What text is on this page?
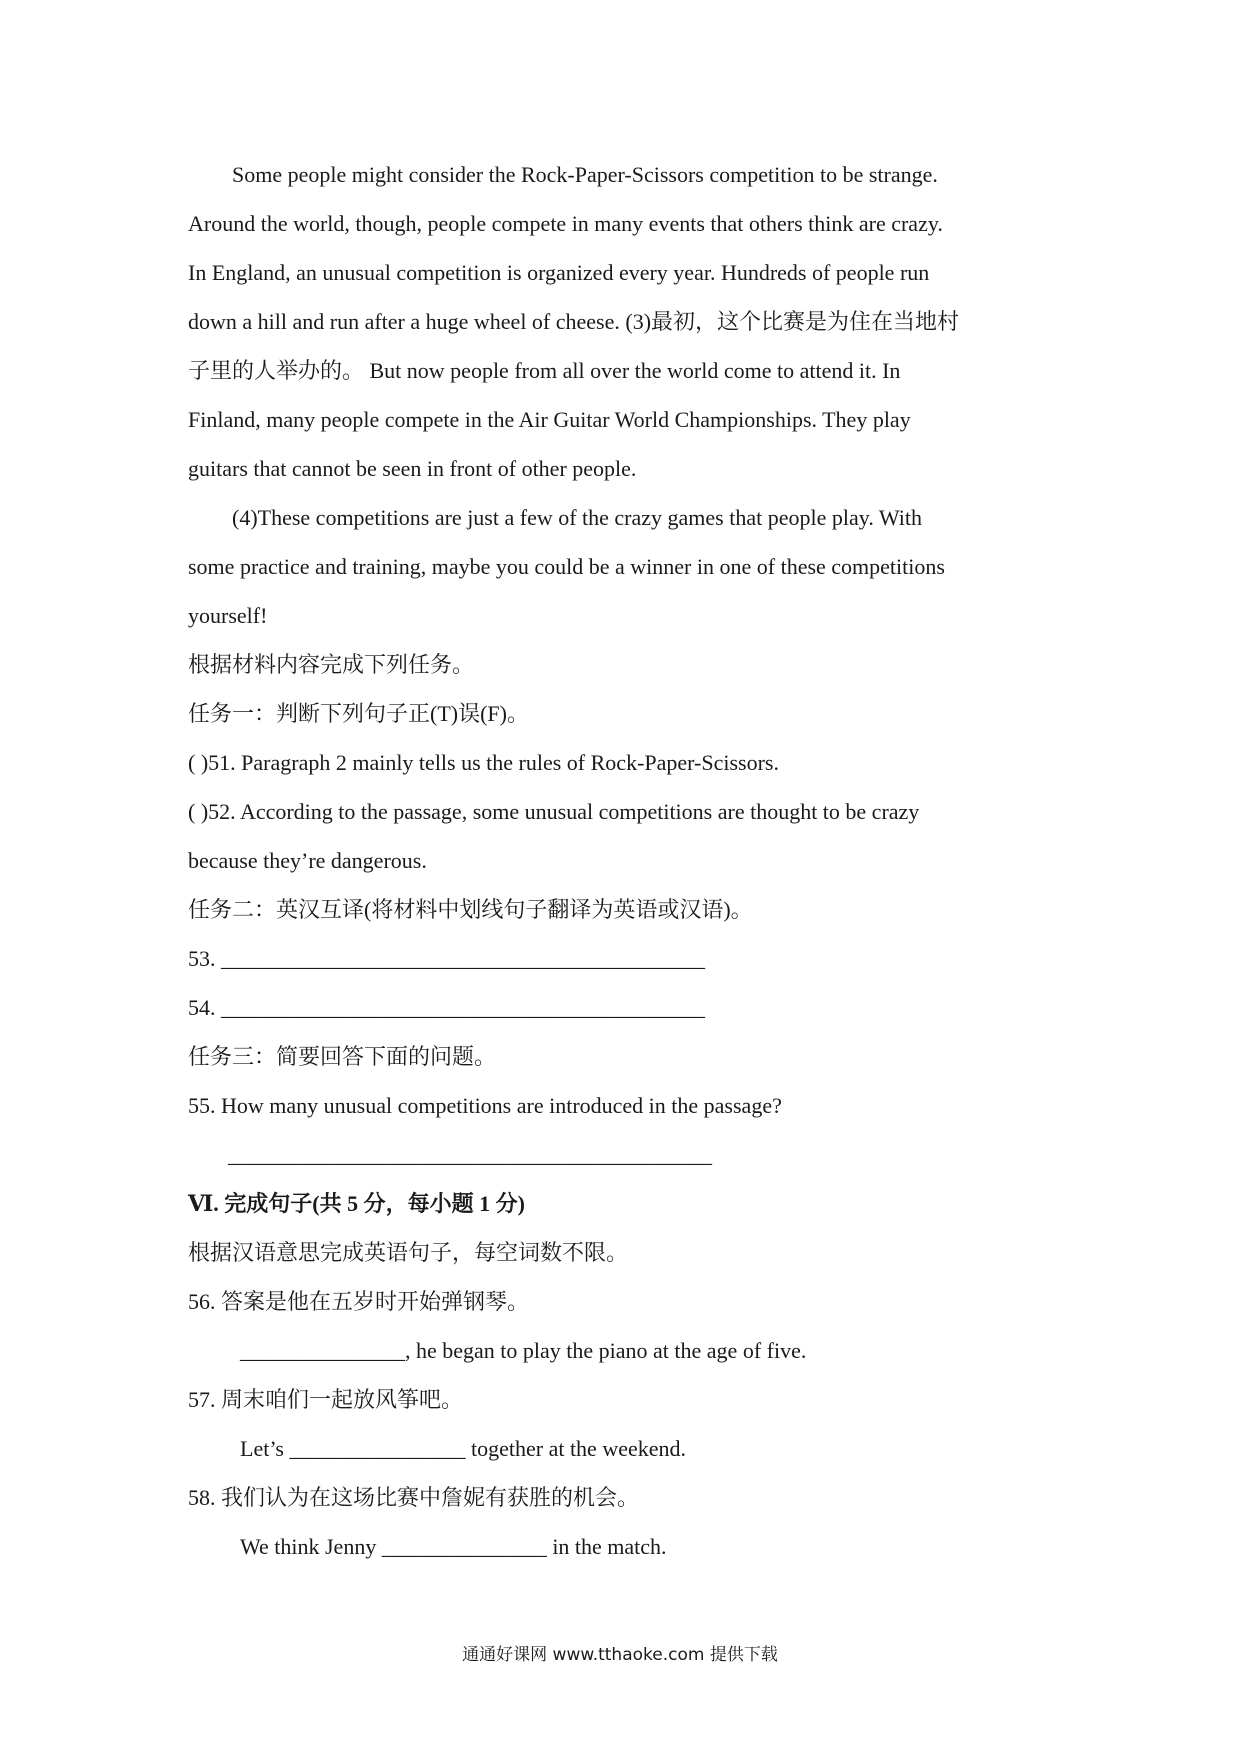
Some people might consider the Rock-Paper-Scissors competition to be strange.
Around the world, though, people compete in many events that others think are crazy.
In England, an unusual competition is organized every year. Hundreds of people run
down a hill and run after a huge wheel of cheese. (3)最初，这个比赛是为住在当地村
子里的人举办的。 But now people from all over the world come to attend it. In
Finland, many people compete in the Air Guitar World Championships. They play
guitars that cannot be seen in front of other people.
(4)These competitions are just a few of the crazy games that people play. With
some practice and training, maybe you could be a winner in one of these competitions
yourself!
根据材料内容完成下列任务。
任务一：判断下列句子正(T)误(F)。
( )51. Paragraph 2 mainly tells us the rules of Rock-Paper-Scissors.
( )52. According to the passage, some unusual competitions are thought to be crazy
because they’re dangerous.
任务二：英汉互译(将材料中划线句子翻译为英语或汉语)。
53. ____________________________________________
54. ____________________________________________
任务三：简要回答下面的问题。
55. How many unusual competitions are introduced in the passage?
____________________________________________
Ⅵ. 完成句子(共 5 分，每小题 1 分)
根据汉语意思完成英语句子，每空词数不限。
56. 答案是他在五岁时开始弹钢琴。
_______________, he began to play the piano at the age of five.
57. 周末咱们一起放风筝吧。
Let’s ________________ together at the weekend.
58. 我们认为在这场比赛中詹妮有获胜的机会。
We think Jenny _______________ in the match.
通通好课网 www.tthaoke.com 提供下载
